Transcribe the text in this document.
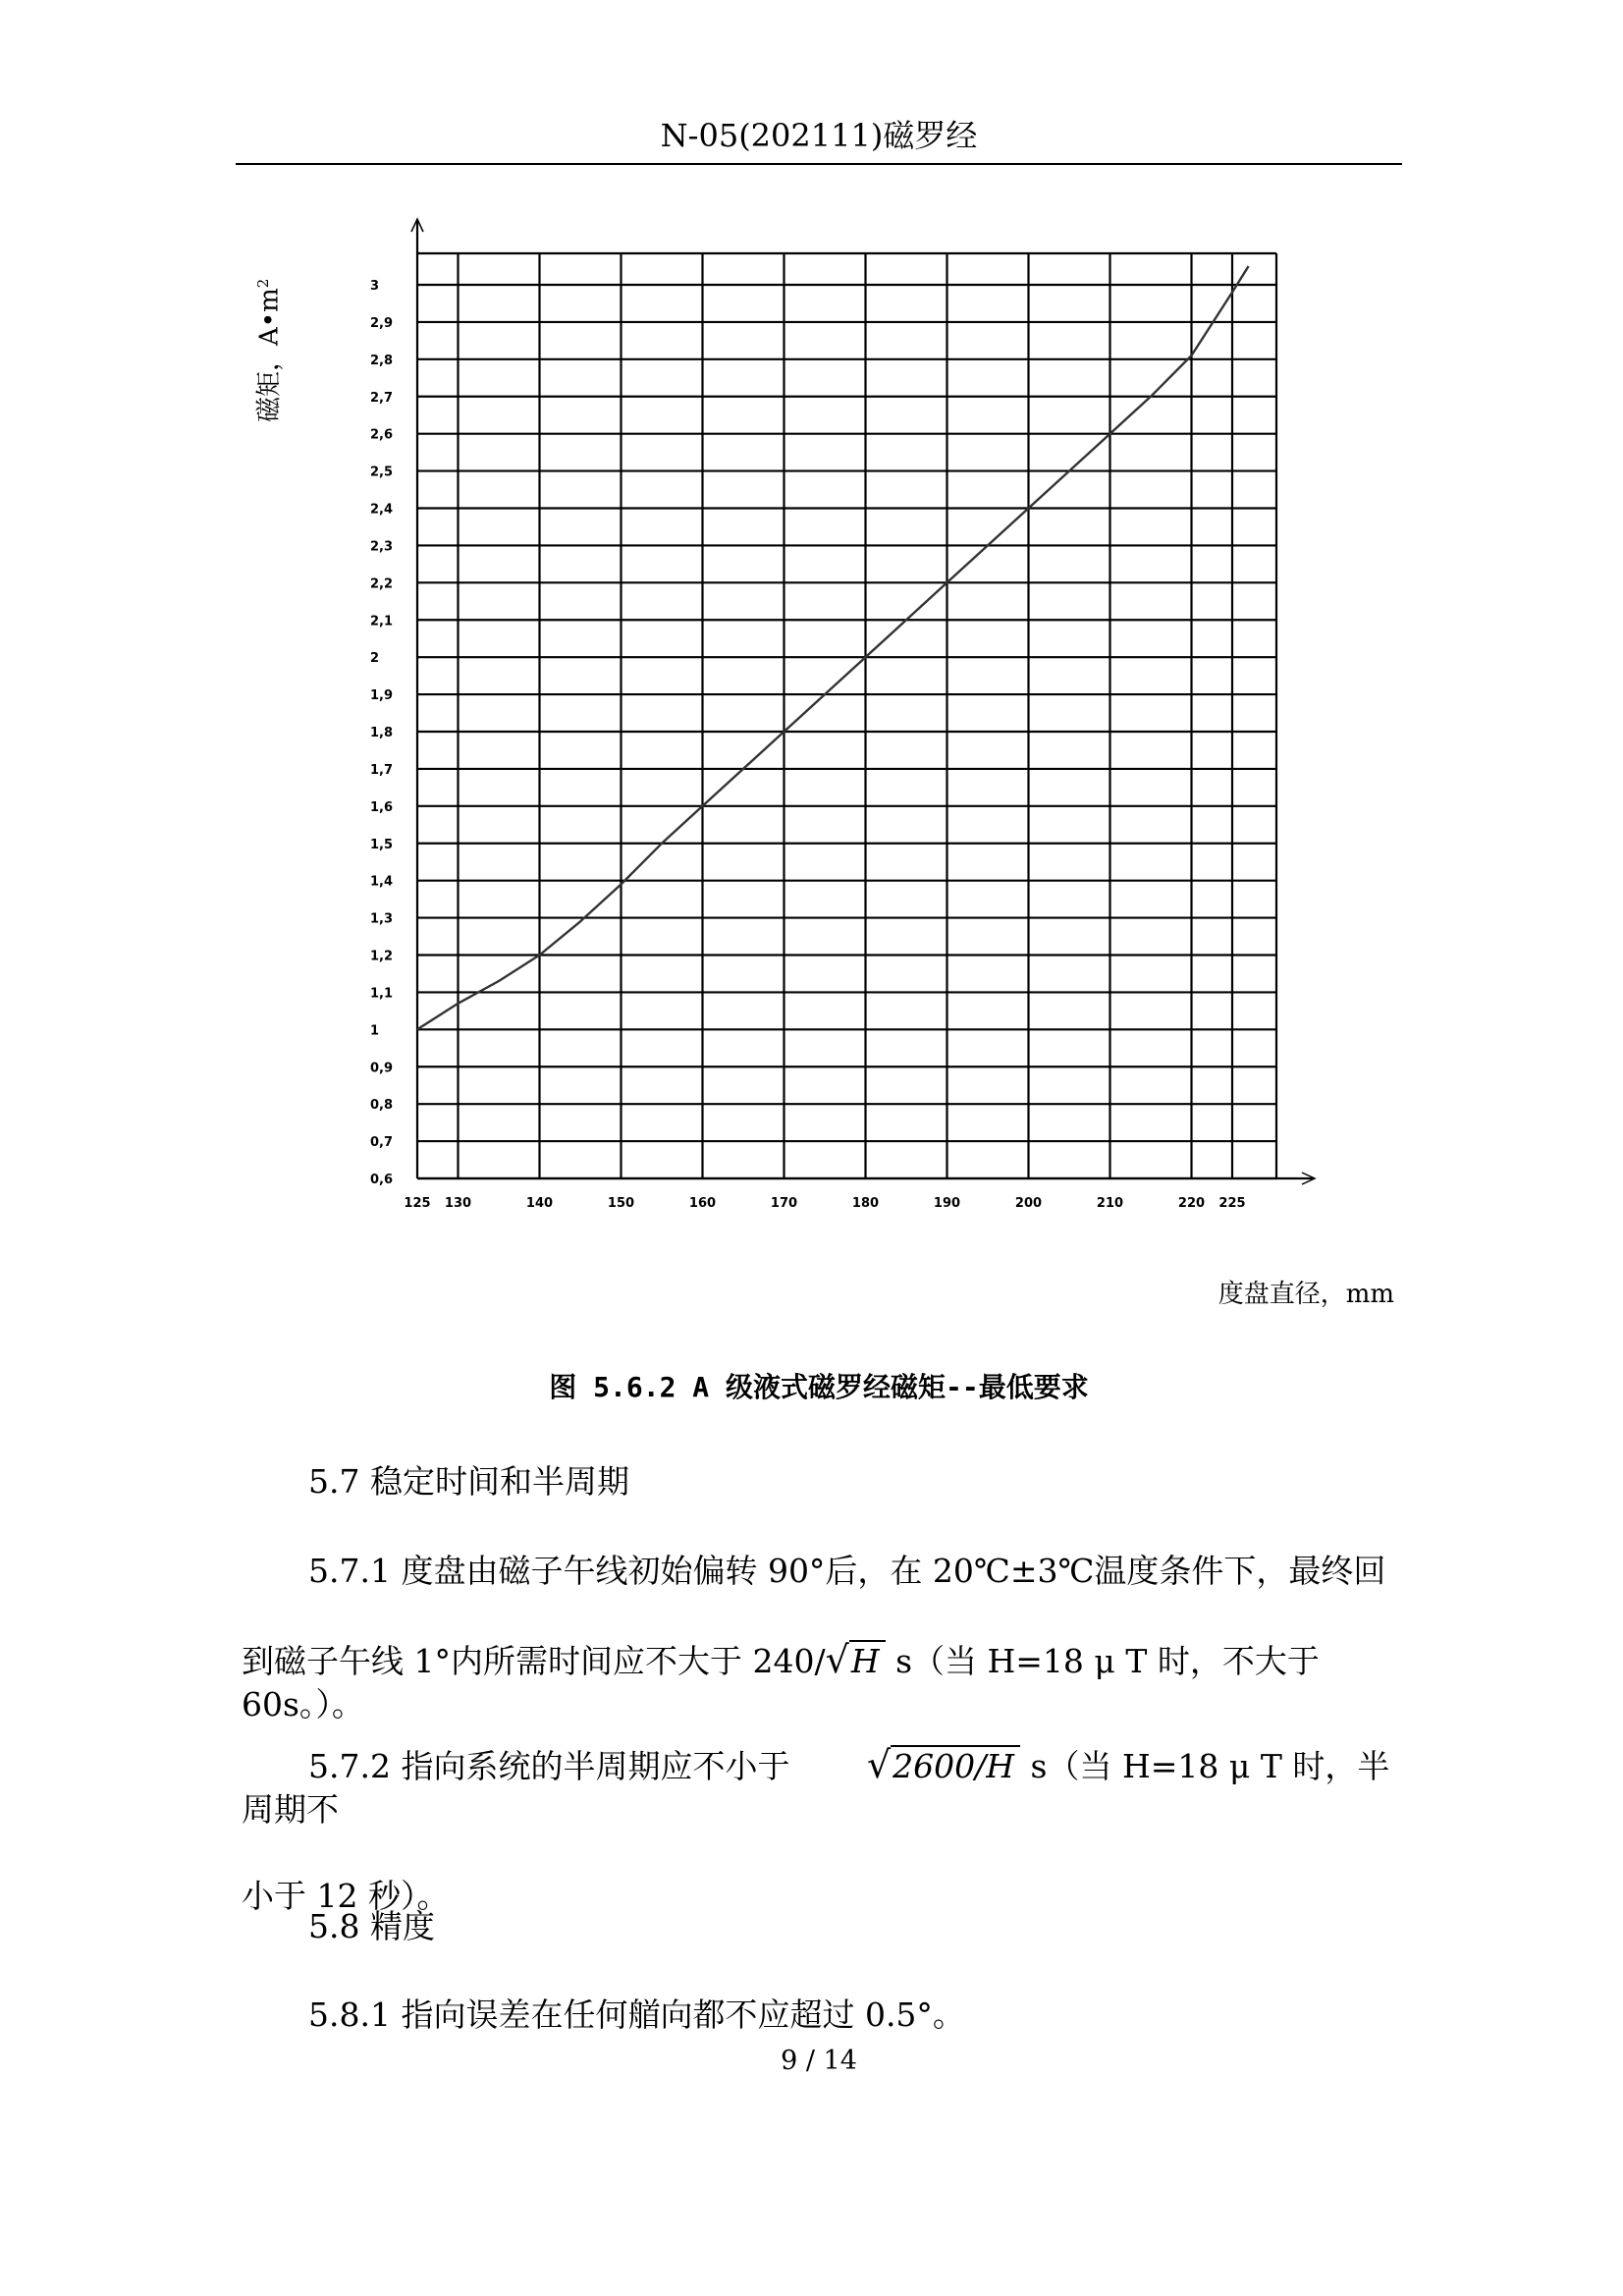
N-05(202111)磁罗经
0,6
0,7
0,8
0,9
1
1,1
1,2
1,3
1,4
1,5
1,6
1,7
1,8
1,9
2
2,1
2,2
2,3
2,4
2,5
2,6
2,7
2,8
2,9
3
125 130	140	150	160	170	180	190	200	210	220 225
磁矩，$A•m^2$
度盘直径，mm
图 5.6.2 A 级液式磁罗经磁矩--最低要求
5.7 稳定时间和半周期
5.7.1 度盘由磁子午线初始偏转 90°后，在 20℃±3℃温度条件下，最终回
到磁子午线 1°内所需时间应不大于 240/√H s（当 H=18 μ T 时，不大于 60s。）。
5.7.2 指向系统的半周期应不小于 √2600/H s（当 H=18 μ T 时，半周期不
小于 12 秒）。
5.8 精度
5.8.1 指向误差在任何艏向都不应超过 0.5°。
9 / 14
